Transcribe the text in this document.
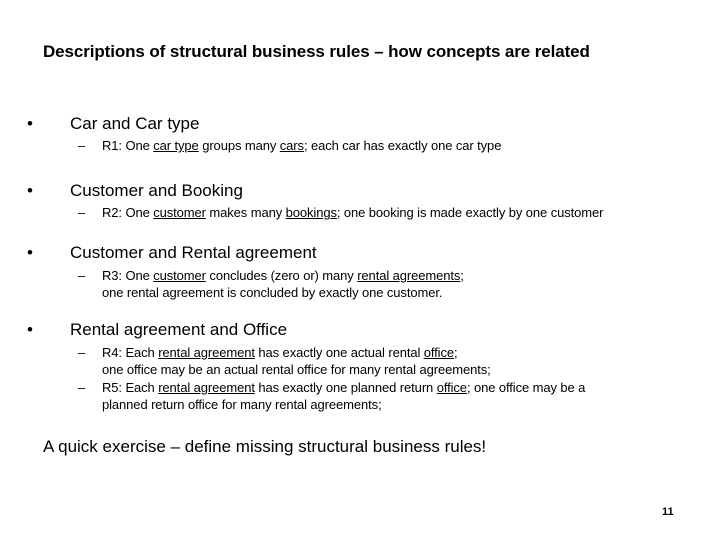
Descriptions of structural business rules – how concepts are related
• Car and Car type
– R1: One car type groups many cars; each car has exactly one car type
• Customer and Booking
– R2: One customer makes many bookings; one booking is made exactly by one customer
• Customer and Rental agreement
– R3: One customer concludes (zero or) many rental agreements;
one rental agreement is concluded by exactly one customer.
• Rental agreement and Office
– R4: Each rental agreement has exactly one actual rental office;
one office may be an actual rental office for many rental agreements;
– R5: Each rental agreement has exactly one planned return office; one office may be a
planned return office for many rental agreements;
A quick exercise – define missing structural business rules!
11
